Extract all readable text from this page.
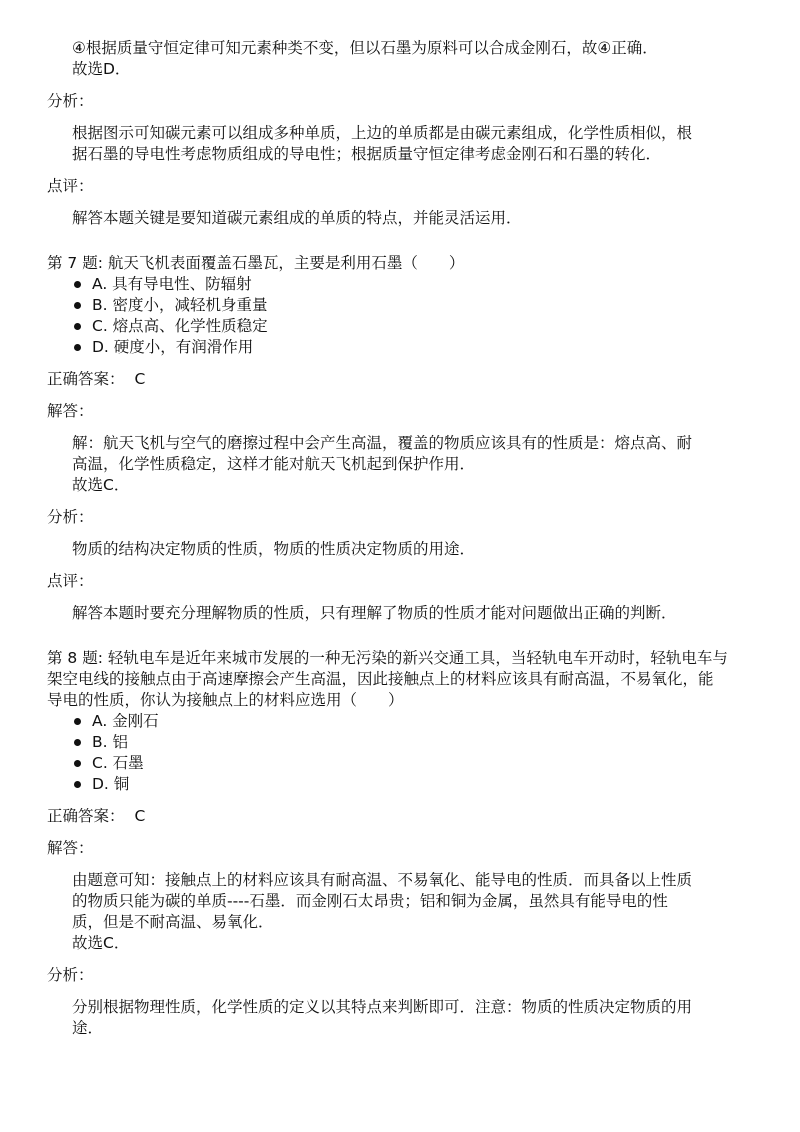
④根据质量守恒定律可知元素种类不变，但以石墨为原料可以合成金刚石，故④正确．
故选D．
分析：
根据图示可知碳元素可以组成多种单质，上边的单质都是由碳元素组成，化学性质相似，根
据石墨的导电性考虑物质组成的导电性；根据质量守恒定律考虑金刚石和石墨的转化．
点评：
解答本题关键是要知道碳元素组成的单质的特点，并能灵活运用．
第 7 题: 航天飞机表面覆盖石墨瓦，主要是利用石墨（　　）
A. 具有导电性、防辐射
B. 密度小，减轻机身重量
C. 熔点高、化学性质稳定
D. 硬度小，有润滑作用
正确答案： C
解答：
解：航天飞机与空气的磨擦过程中会产生高温，覆盖的物质应该具有的性质是：熔点高、耐
高温，化学性质稳定，这样才能对航天飞机起到保护作用．
故选C．
分析：
物质的结构决定物质的性质，物质的性质决定物质的用途．
点评：
解答本题时要充分理解物质的性质，只有理解了物质的性质才能对问题做出正确的判断．
第 8 题: 轻轨电车是近年来城市发展的一种无污染的新兴交通工具，当轻轨电车开动时，轻轨电车与
架空电线的接触点由于高速摩擦会产生高温，因此接触点上的材料应该具有耐高温，不易氧化，能
导电的性质，你认为接触点上的材料应选用（　　）
A. 金刚石
B. 铝
C. 石墨
D. 铜
正确答案： C
解答：
由题意可知：接触点上的材料应该具有耐高温、不易氧化、能导电的性质．而具备以上性质
的物质只能为碳的单质----石墨．而金刚石太昂贵；铝和铜为金属，虽然具有能导电的性
质，但是不耐高温、易氧化．
故选C．
分析：
分别根据物理性质，化学性质的定义以其特点来判断即可．注意：物质的性质决定物质的用
途．
